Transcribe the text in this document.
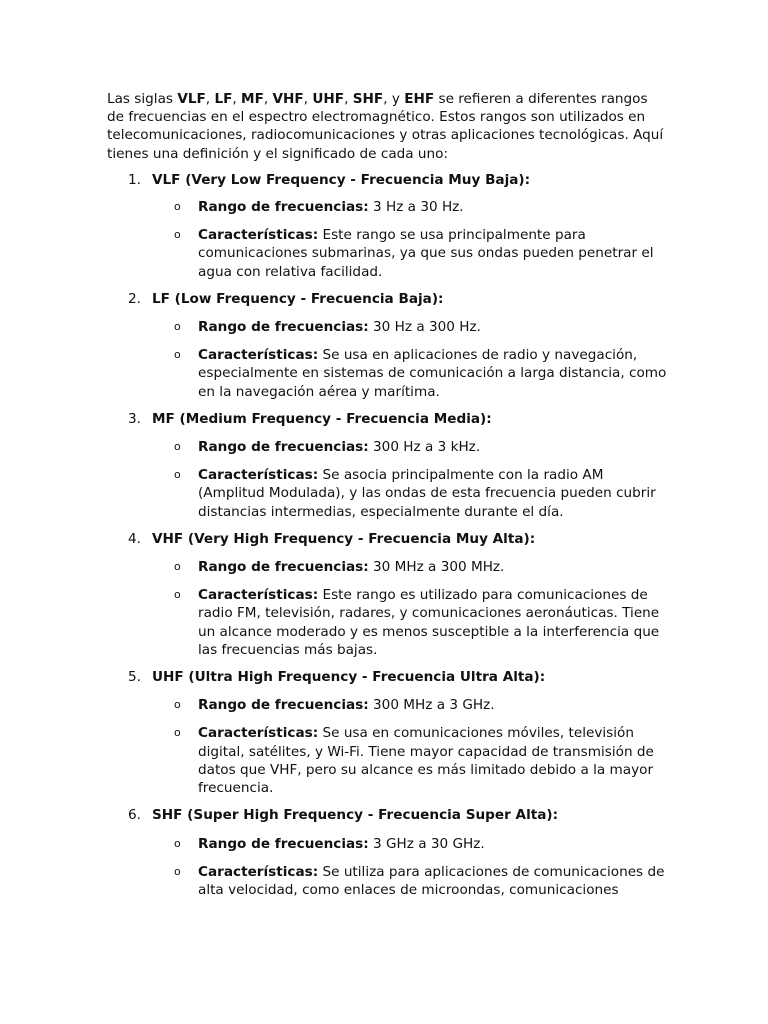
Las siglas VLF, LF, MF, VHF, UHF, SHF, y EHF se refieren a diferentes rangos de frecuencias en el espectro electromagnético. Estos rangos son utilizados en telecomunicaciones, radiocomunicaciones y otras aplicaciones tecnológicas. Aquí tienes una definición y el significado de cada uno:

1. VLF (Very Low Frequency - Frecuencia Muy Baja):
o Rango de frecuencias: 3 Hz a 30 Hz.
o Características: Este rango se usa principalmente para comunicaciones submarinas, ya que sus ondas pueden penetrar el agua con relativa facilidad.
2. LF (Low Frequency - Frecuencia Baja):
o Rango de frecuencias: 30 Hz a 300 Hz.
o Características: Se usa en aplicaciones de radio y navegación, especialmente en sistemas de comunicación a larga distancia, como en la navegación aérea y marítima.
3. MF (Medium Frequency - Frecuencia Media):
o Rango de frecuencias: 300 Hz a 3 kHz.
o Características: Se asocia principalmente con la radio AM (Amplitud Modulada), y las ondas de esta frecuencia pueden cubrir distancias intermedias, especialmente durante el día.
4. VHF (Very High Frequency - Frecuencia Muy Alta):
o Rango de frecuencias: 30 MHz a 300 MHz.
o Características: Este rango es utilizado para comunicaciones de radio FM, televisión, radares, y comunicaciones aeronáuticas. Tiene un alcance moderado y es menos susceptible a la interferencia que las frecuencias más bajas.
5. UHF (Ultra High Frequency - Frecuencia Ultra Alta):
o Rango de frecuencias: 300 MHz a 3 GHz.
o Características: Se usa en comunicaciones móviles, televisión digital, satélites, y Wi-Fi. Tiene mayor capacidad de transmisión de datos que VHF, pero su alcance es más limitado debido a la mayor frecuencia.
6. SHF (Super High Frequency - Frecuencia Super Alta):
o Rango de frecuencias: 3 GHz a 30 GHz.
o Características: Se utiliza para aplicaciones de comunicaciones de alta velocidad, como enlaces de microondas, comunicaciones
